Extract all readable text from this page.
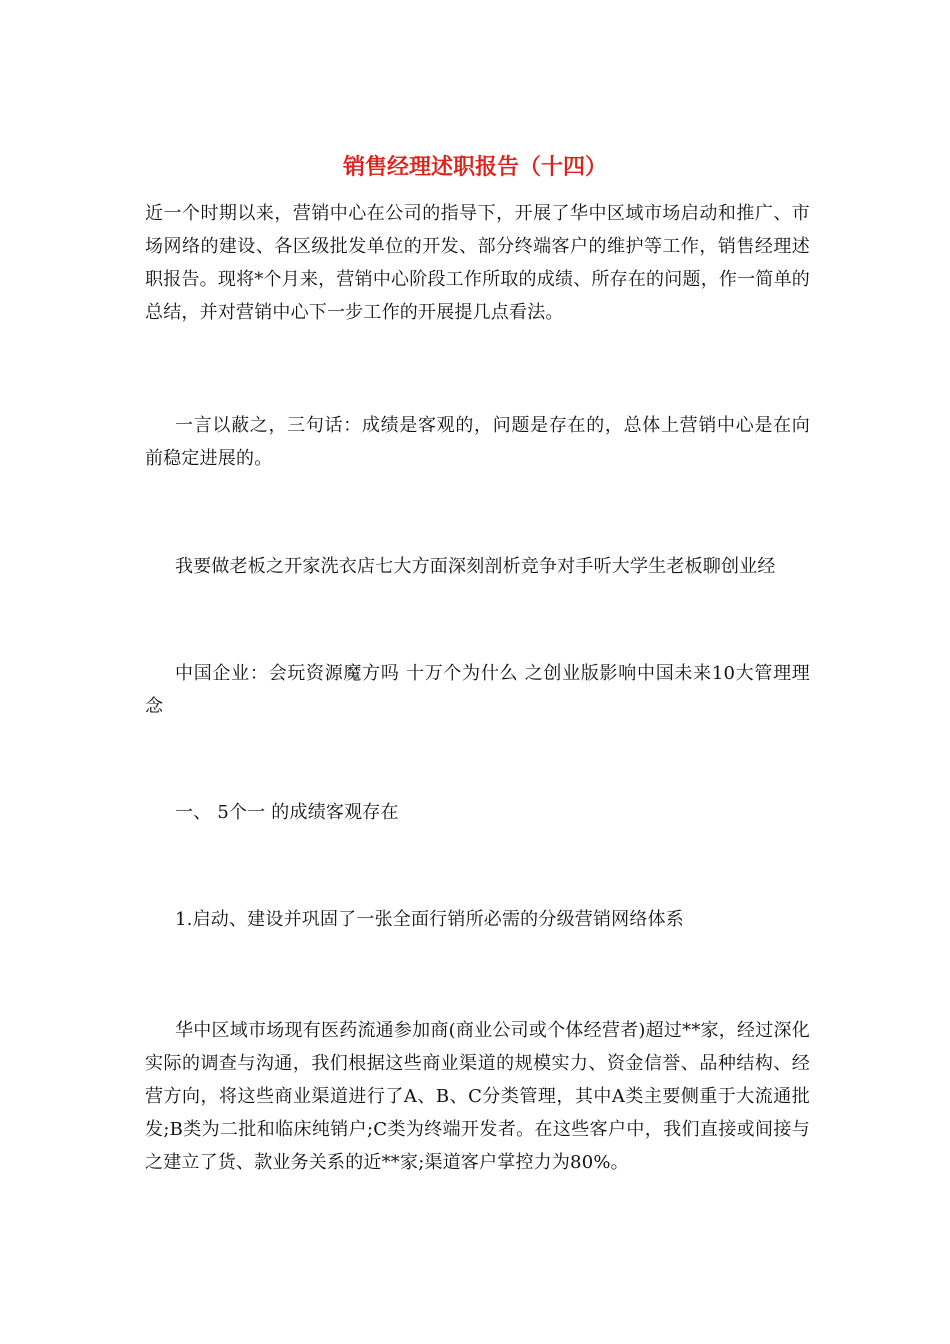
销售经理述职报告（十四）
近一个时期以来，营销中心在公司的指导下，开展了华中区域市场启动和推广、市场网络的建设、各区级批发单位的开发、部分终端客户的维护等工作，销售经理述职报告。现将*个月来，营销中心阶段工作所取的成绩、所存在的问题，作一简单的总结，并对营销中心下一步工作的开展提几点看法。
一言以蔽之，三句话：成绩是客观的，问题是存在的，总体上营销中心是在向前稳定进展的。
我要做老板之开家洗衣店七大方面深刻剖析竞争对手听大学生老板聊创业经
中国企业：会玩资源魔方吗 十万个为什么 之创业版影响中国未来10大管理理念
一、 5个一 的成绩客观存在
1.启动、建设并巩固了一张全面行销所必需的分级营销网络体系
华中区域市场现有医药流通参加商(商业公司或个体经营者)超过**家，经过深化实际的调查与沟通，我们根据这些商业渠道的规模实力、资金信誉、品种结构、经营方向，将这些商业渠道进行了A、B、C分类管理，其中A类主要侧重于大流通批发;B类为二批和临床纯销户;C类为终端开发者。在这些客户中，我们直接或间接与之建立了货、款业务关系的近**家;渠道客户掌控力为80%。
